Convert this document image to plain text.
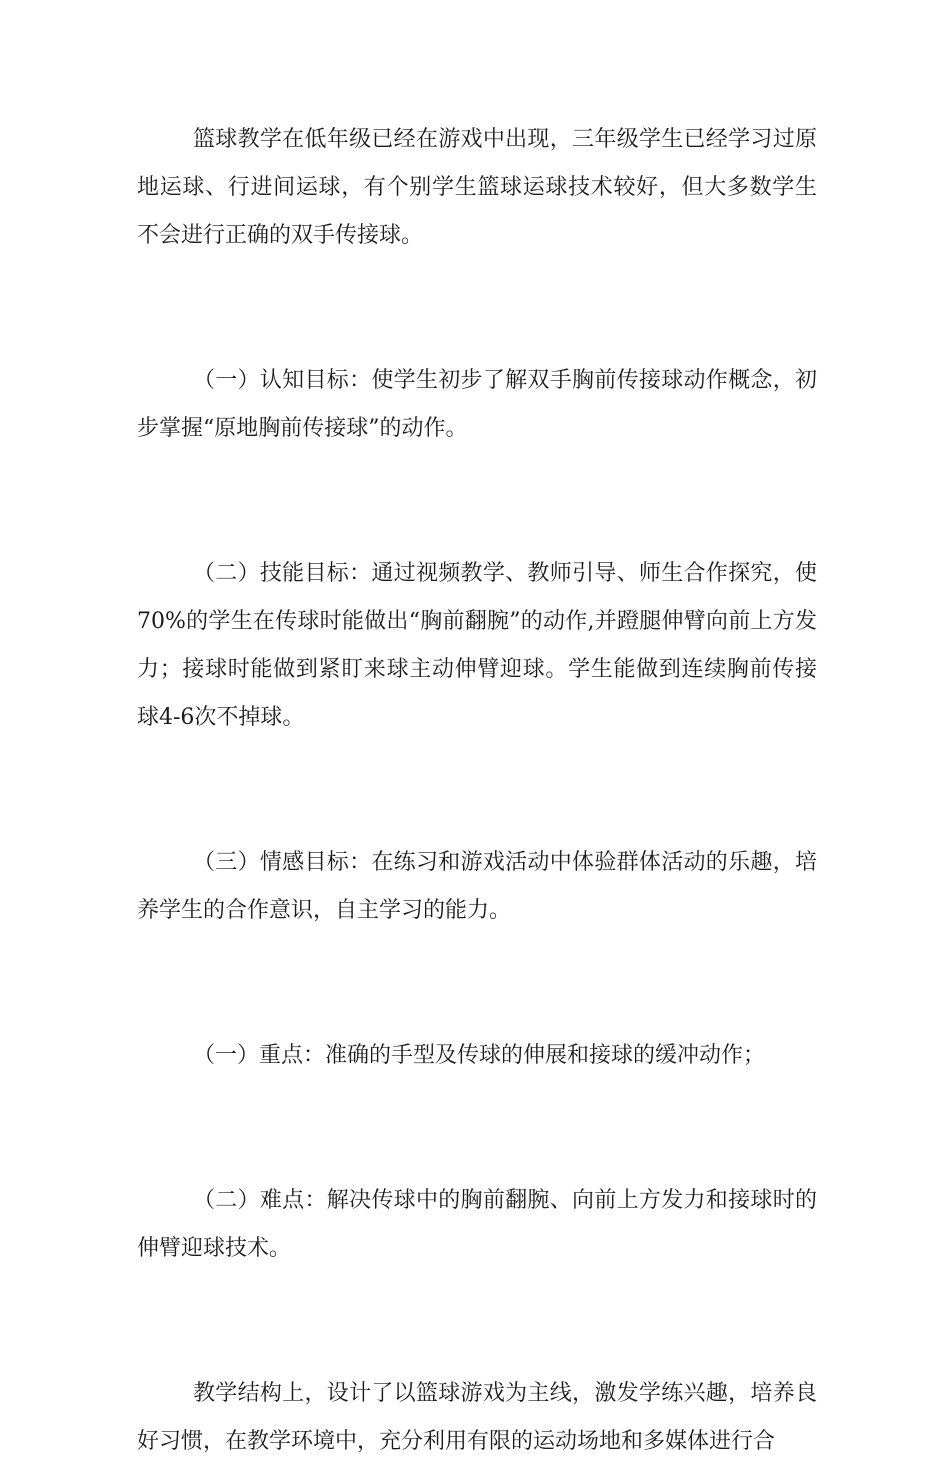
篮球教学在低年级已经在游戏中出现，三年级学生已经学习过原地运球、行进间运球，有个别学生篮球运球技术较好，但大多数学生不会进行正确的双手传接球。

（一）认知目标：使学生初步了解双手胸前传接球动作概念，初步掌握“原地胸前传接球”的动作。

（二）技能目标：通过视频教学、教师引导、师生合作探究，使70%的学生在传球时能做出“胸前翻腕”的动作,并蹬腿伸臂向前上方发力；接球时能做到紧盯来球主动伸臂迎球。学生能做到连续胸前传接球4-6次不掉球。

（三）情感目标：在练习和游戏活动中体验群体活动的乐趣，培养学生的合作意识，自主学习的能力。

（一）重点：准确的手型及传球的伸展和接球的缓冲动作；

（二）难点：解决传球中的胸前翻腕、向前上方发力和接球时的伸臂迎球技术。

教学结构上，设计了以篮球游戏为主线，激发学练兴趣，培养良好习惯，在教学环境中，充分利用有限的运动场地和多媒体进行合
